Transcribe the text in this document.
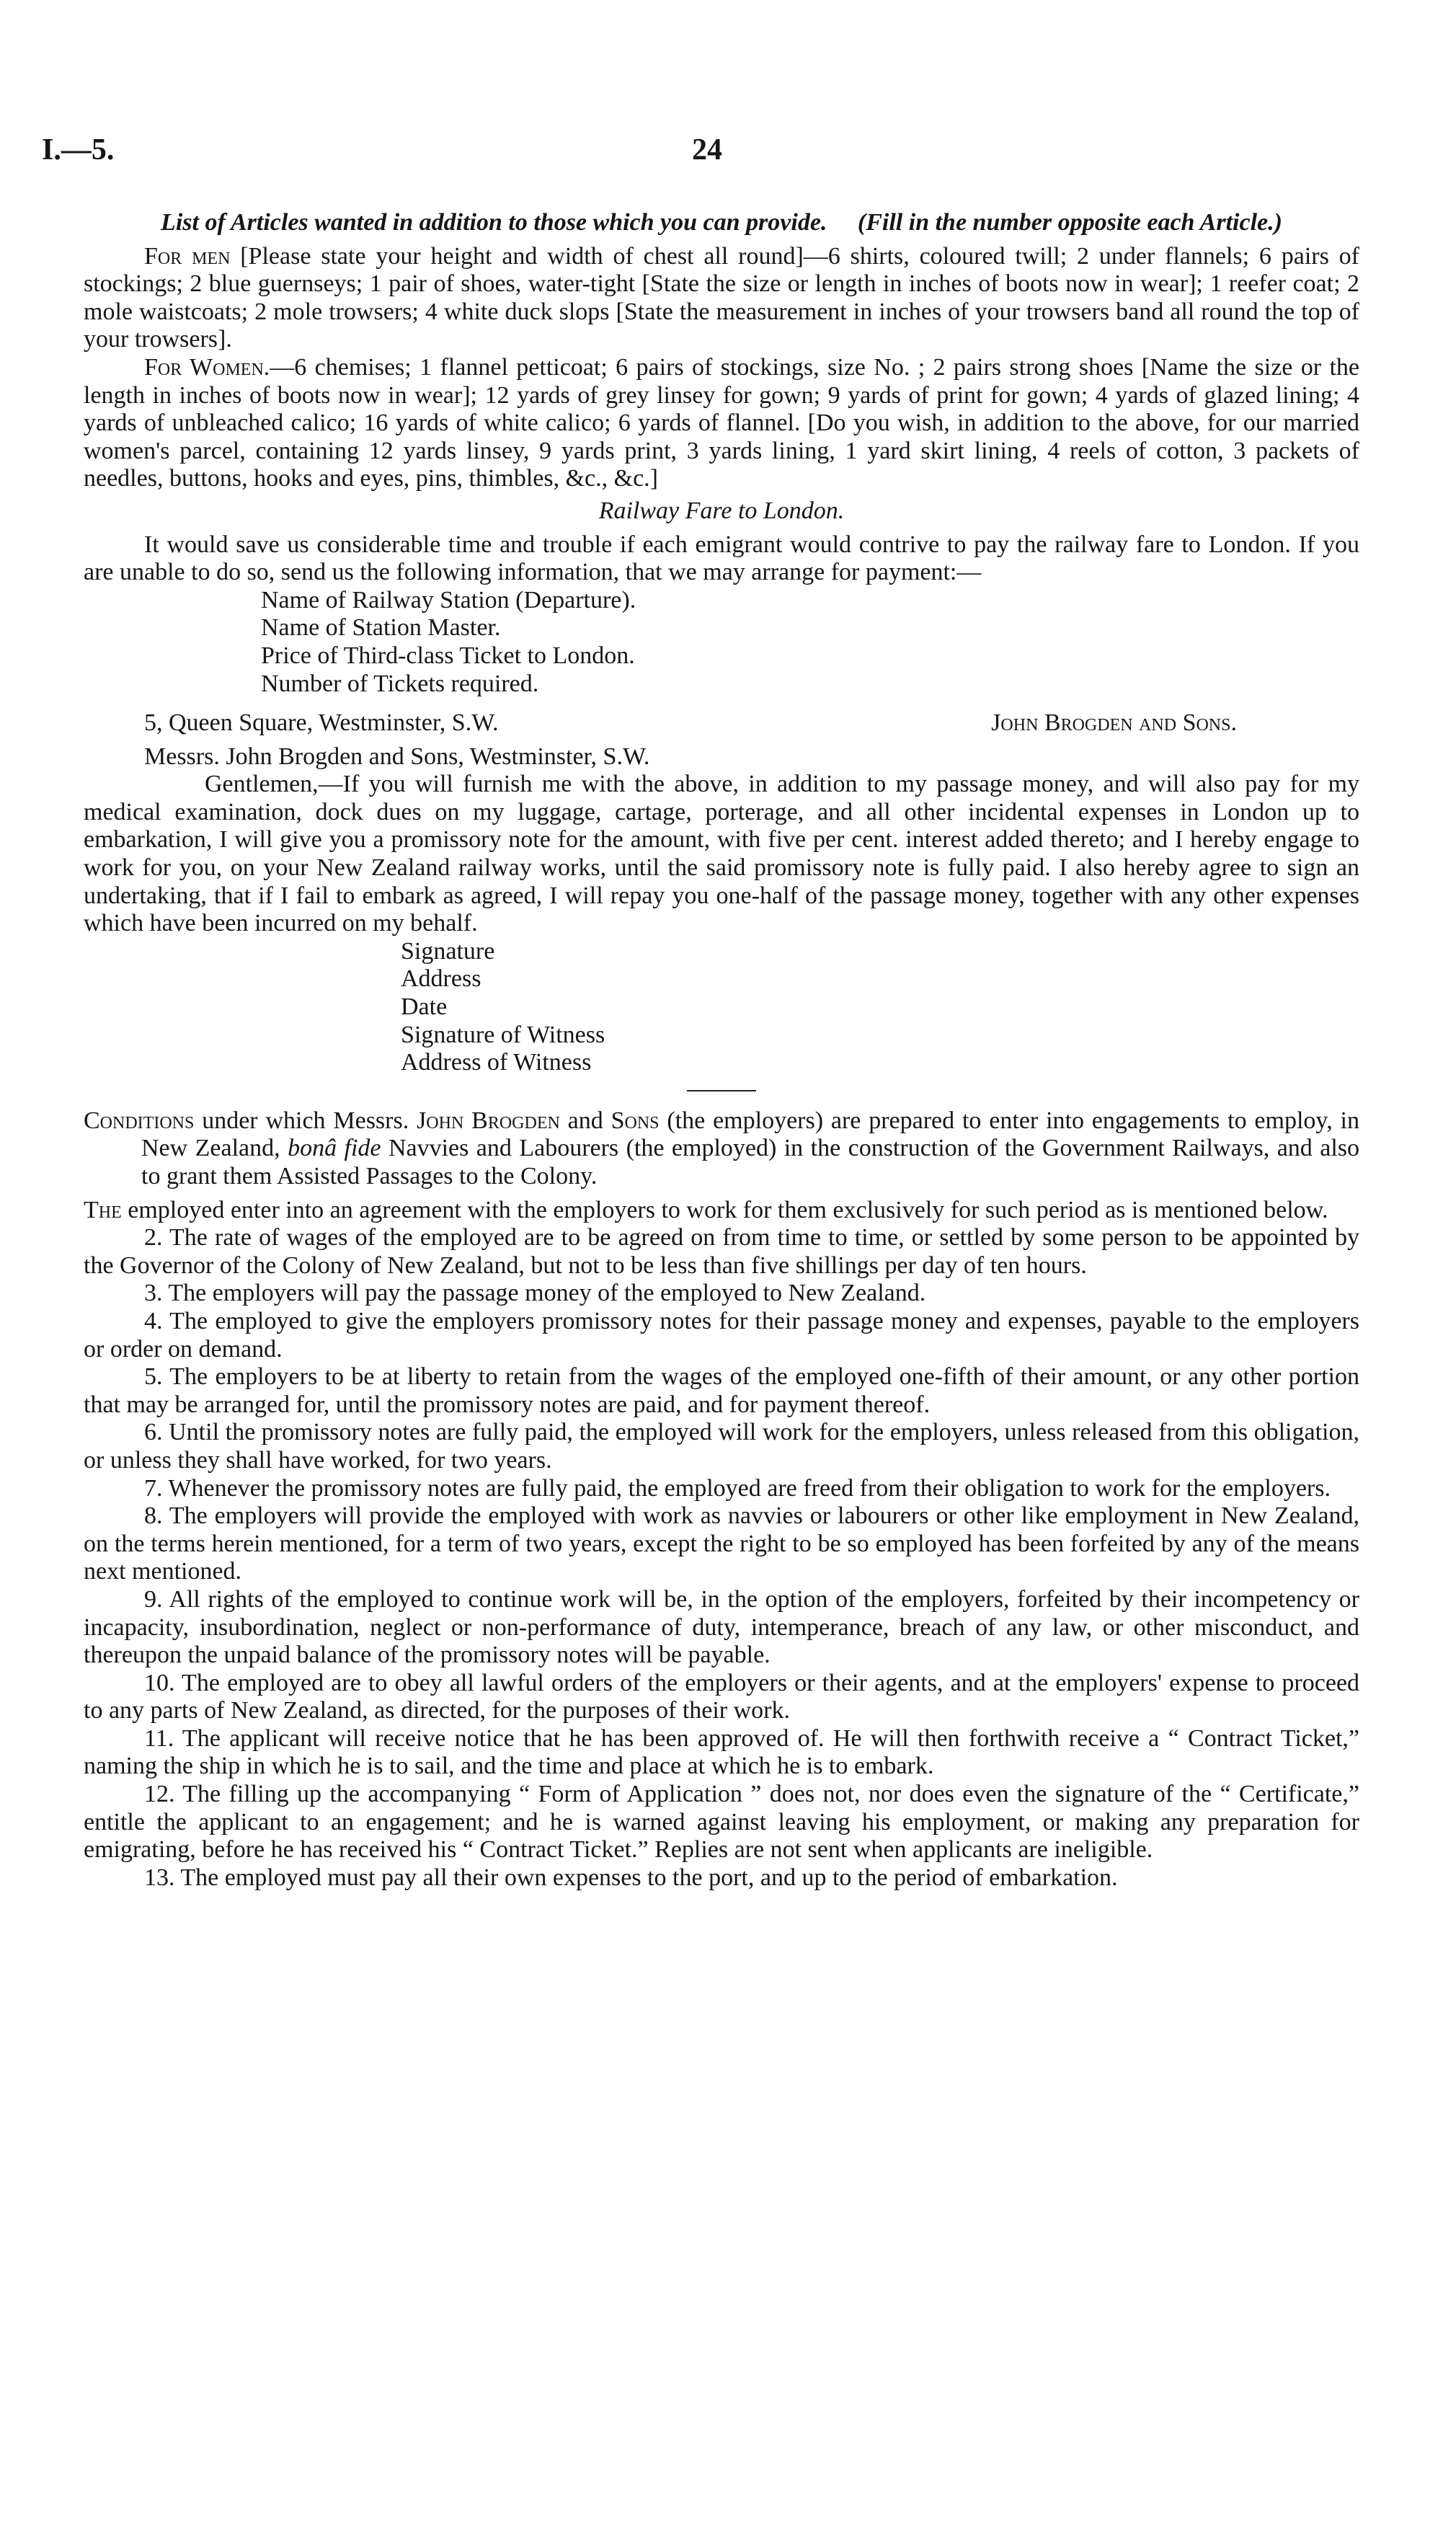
I.—5.	24

List of Articles wanted in addition to those which you can provide. (Fill in the number opposite each Article.)

For men [Please state your height and width of chest all round]—6 shirts, coloured twill; 2 under flannels; 6 pairs of stockings; 2 blue guernseys; 1 pair of shoes, water-tight [State the size or length in inches of boots now in wear]; 1 reefer coat; 2 mole waistcoats; 2 mole trowsers; 4 white duck slops [State the measurement in inches of your trowsers band all round the top of your trowsers].

For Women.—6 chemises; 1 flannel petticoat; 6 pairs of stockings, size No. ; 2 pairs strong shoes [Name the size or the length in inches of boots now in wear]; 12 yards of grey linsey for gown; 9 yards of print for gown; 4 yards of glazed lining; 4 yards of unbleached calico; 16 yards of white calico; 6 yards of flannel. [Do you wish, in addition to the above, for our married women's parcel, containing 12 yards linsey, 9 yards print, 3 yards lining, 1 yard skirt lining, 4 reels of cotton, 3 packets of needles, buttons, hooks and eyes, pins, thimbles, &c., &c.]

Railway Fare to London.

It would save us considerable time and trouble if each emigrant would contrive to pay the railway fare to London. If you are unable to do so, send us the following information, that we may arrange for payment:—

Name of Railway Station (Departure).

Name of Station Master.

Price of Third-class Ticket to London.

Number of Tickets required.

5, Queen Square, Westminster, S.W.	John Brogden and Sons.

Messrs. John Brogden and Sons, Westminster, S.W.

Gentlemen,—If you will furnish me with the above, in addition to my passage money, and will also pay for my medical examination, dock dues on my luggage, cartage, porterage, and all other incidental expenses in London up to embarkation, I will give you a promissory note for the amount, with five per cent. interest added thereto; and I hereby engage to work for you, on your New Zealand railway works, until the said promissory note is fully paid. I also hereby agree to sign an undertaking, that if I fail to embark as agreed, I will repay you one-half of the passage money, together with any other expenses which have been incurred on my behalf.

Signature

Address

Date

Signature of Witness

Address of Witness

Conditions under which Messrs. John Brogden and Sons (the employers) are prepared to enter into engagements to employ, in New Zealand, bonâ fide Navvies and Labourers (the employed) in the construction of the Government Railways, and also to grant them Assisted Passages to the Colony.

The employed enter into an agreement with the employers to work for them exclusively for such period as is mentioned below.

2. The rate of wages of the employed are to be agreed on from time to time, or settled by some person to be appointed by the Governor of the Colony of New Zealand, but not to be less than five shillings per day of ten hours.

3. The employers will pay the passage money of the employed to New Zealand.

4. The employed to give the employers promissory notes for their passage money and expenses, payable to the employers or order on demand.

5. The employers to be at liberty to retain from the wages of the employed one-fifth of their amount, or any other portion that may be arranged for, until the promissory notes are paid, and for payment thereof.

6. Until the promissory notes are fully paid, the employed will work for the employers, unless released from this obligation, or unless they shall have worked, for two years.

7. Whenever the promissory notes are fully paid, the employed are freed from their obligation to work for the employers.

8. The employers will provide the employed with work as navvies or labourers or other like employment in New Zealand, on the terms herein mentioned, for a term of two years, except the right to be so employed has been forfeited by any of the means next mentioned.

9. All rights of the employed to continue work will be, in the option of the employers, forfeited by their incompetency or incapacity, insubordination, neglect or non-performance of duty, intemperance, breach of any law, or other misconduct, and thereupon the unpaid balance of the promissory notes will be payable.

10. The employed are to obey all lawful orders of the employers or their agents, and at the employers' expense to proceed to any parts of New Zealand, as directed, for the purposes of their work.

11. The applicant will receive notice that he has been approved of. He will then forthwith receive a “ Contract Ticket,” naming the ship in which he is to sail, and the time and place at which he is to embark.

12. The filling up the accompanying “ Form of Application ” does not, nor does even the signature of the “ Certificate,” entitle the applicant to an engagement; and he is warned against leaving his employment, or making any preparation for emigrating, before he has received his “ Contract Ticket.” Replies are not sent when applicants are ineligible.

13. The employed must pay all their own expenses to the port, and up to the period of embarkation.
